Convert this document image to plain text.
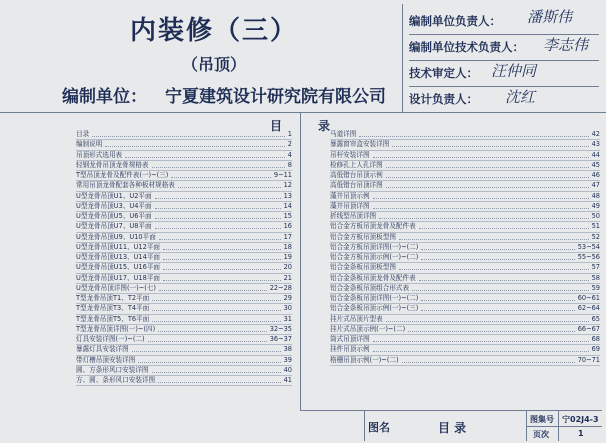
内装修（三）
（吊顶）
编制单位： 宁夏建筑设计研究院有限公司
编制单位负责人： 潘斯伟
编制单位技术负责人： 李志伟
技术审定人： 汪仲同
设计负责人： 沈红
目	录
目录	1
编制说明	2
吊顶形式选用表	4
轻钢龙骨吊顶龙骨规格表	8
T型吊顶龙骨及配件表(一)~(三)	9~11
常用吊顶龙骨配套各种板材规格表	12
U型龙骨吊顶U1、U2平面	13
U型龙骨吊顶U3、U4平面	14
U型龙骨吊顶U5、U6平面	15
U型龙骨吊顶U7、U8平面	16
U型龙骨吊顶U9、U10平面	17
U型龙骨吊顶U11、U12平面	18
U型龙骨吊顶U13、U14平面	19
U型龙骨吊顶U15、U16平面	20
U型龙骨吊顶U17、U18平面	21
U型龙骨吊顶详图(一)~(七)	22~28
T型龙骨吊顶T1、T2平面	29
T型龙骨吊顶T3、T4平面	30
T型龙骨吊顶T5、T6平面	31
T型龙骨吊顶详图(一)~(四)	32~35
灯具安装详图(一)~(二)	36~37
暴露灯具安装详图	38
带灯槽吊顶安装详图	39
圆、方条形风口安装详图	40
方、圆、条形风口安装详图	41
马道详图	42
暴露窗帘盒安装详图	43
吊杆安装详图	44
检修孔上人孔详图	45
高低错台吊顶示例	46
高低错台吊顶详图	47
藻井吊顶示例	48
藻井吊顶详图	49
折线型吊顶详图	50
铝合金方板吊顶龙骨及配件表	51
铝合金方板吊顶板型图	52
铝合金方板吊顶详图(一)~(二)	53~54
铝合金方板吊顶示例(一)~(二)	55~56
铝合金条板吊顶板型图	57
铝合金条板吊顶龙骨及配件表	58
铝合金条板吊顶组合形式表	59
铝合金条板吊顶详图(一)~(二)	60~61
铝合金条板吊顶示例(一)~(三)	62~64
挂片式吊顶片型表	65
挂片式吊顶示例(一)~(二)	66~67
筒式吊顶详图	68
挂件吊顶示例	69
格栅吊顶示例(一)~(二)	70~71
图名	目 录
图集号 宁02J4-3
页次	1
